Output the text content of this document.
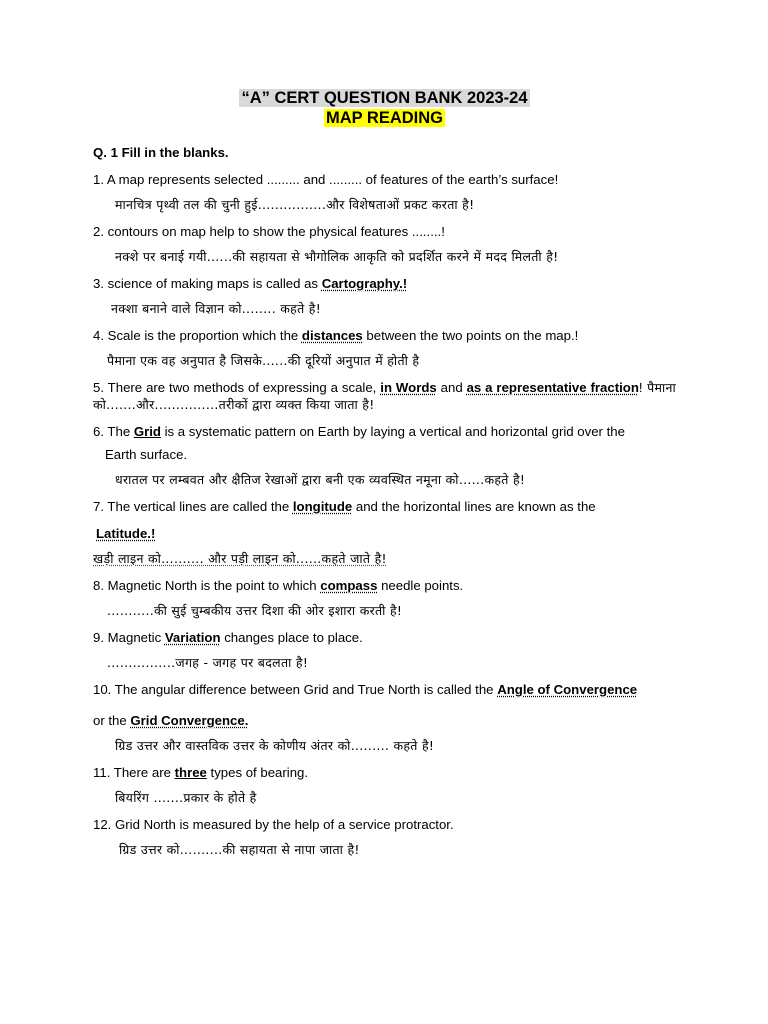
“A” CERT QUESTION BANK 2023-24
MAP READING
Q. 1 Fill in the blanks.
1. A map represents selected ......... and ......... of features of the earth’s surface!
मानचित्र पृथ्वी तल की चुनी हुई................और विशेषताओं प्रकट करता है!
2. contours on map help to show the physical features ........!
नक्शे पर बनाई गयी......की सहायता से भौगोलिक आकृति को प्रदर्शित करने में मदद मिलती है!
3. science of making maps is called as Cartography.!
नक्शा बनाने वाले विज्ञान को........ कहते है!
4. Scale is the proportion which the distances between the two points on the map.!
पैमाना एक वह अनुपात है जिसके......की दूरियों अनुपात में होती है
5. There are two methods of expressing a scale, in Words and as a representative fraction! पैमाना को.......और...............तरीकों द्वारा व्यक्त किया जाता है!
6. The Grid is a systematic pattern on Earth by laying a vertical and horizontal grid over the
Earth surface.
धरातल पर लम्बवत और क्षैतिज रेखाओं द्वारा बनी एक व्यवस्थित नमूना को......कहते है!
7. The vertical lines are called the longitude and the horizontal lines are known as the
Latitude.!
खड़ी लाइन को.......... और पड़ी लाइन को......कहते जाते है!
8. Magnetic North is the point to which compass needle points.
...........की सुई चुम्बकीय उत्तर दिशा की ओर इशारा करती है!
9. Magnetic Variation changes place to place.
................जगह - जगह पर बदलता है!
10. The angular difference between Grid and True North is called the Angle of Convergence
or the Grid Convergence.
ग्रिड उत्तर और वास्तविक उत्तर के कोणीय अंतर को......... कहते है!
11. There are three types of bearing.
बियरिंग .......प्रकार के होते है
12. Grid North is measured by the help of a service protractor.
ग्रिड उत्तर को..........की सहायता से नापा जाता है!
